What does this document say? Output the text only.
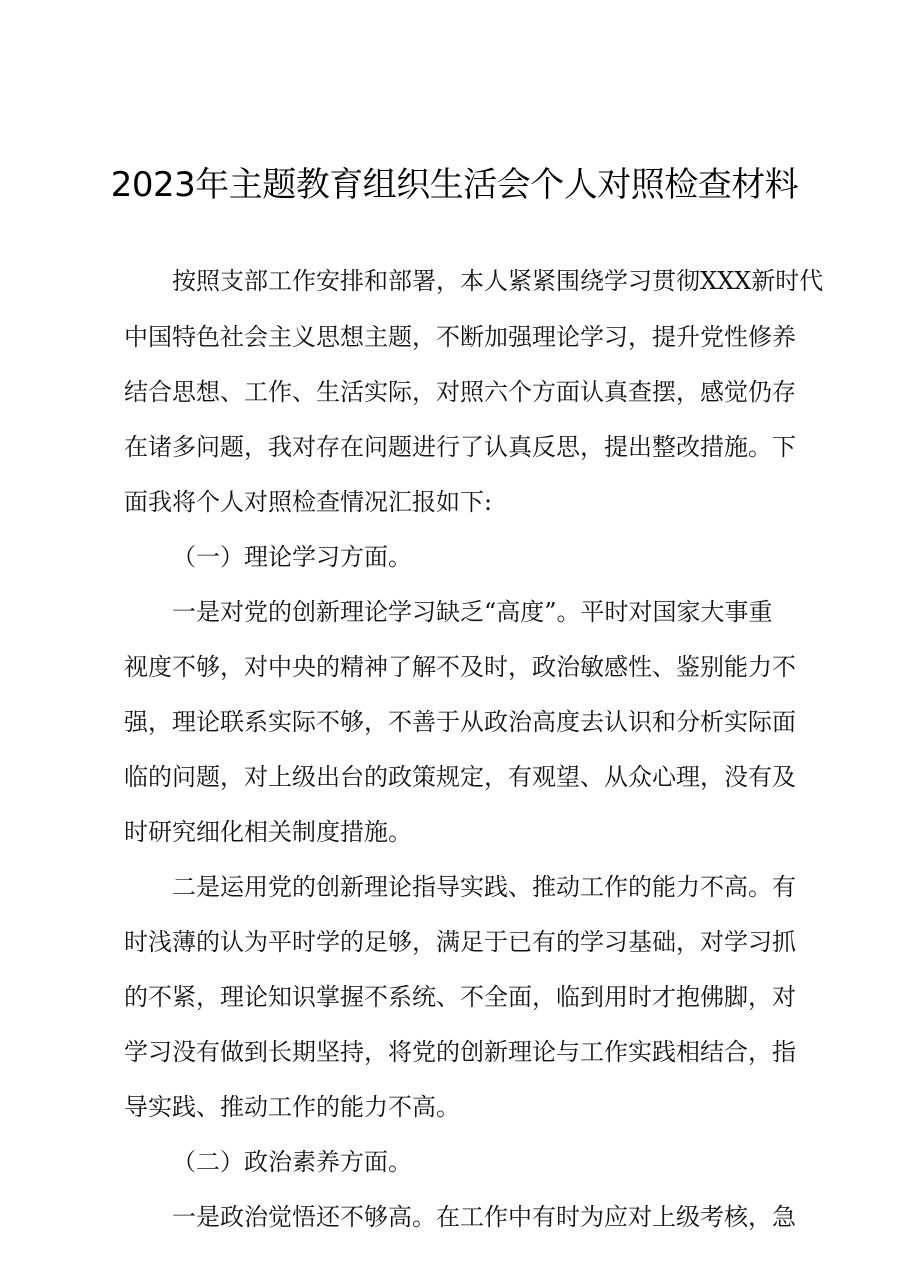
2023年主题教育组织生活会个人对照检查材料
按照支部工作安排和部署，本人紧紧围绕学习贯彻XXX新时代
中国特色社会主义思想主题，不断加强理论学习，提升党性修养
结合思想、工作、生活实际，对照六个方面认真查摆，感觉仍存
在诸多问题，我对存在问题进行了认真反思，提出整改措施。下
面我将个人对照检查情况汇报如下:
（一）理论学习方面。
一是对党的创新理论学习缺乏“高度”。平时对国家大事重
视度不够，对中央的精神了解不及时，政治敏感性、鉴别能力不
强，理论联系实际不够，不善于从政治高度去认识和分析实际面
临的问题，对上级出台的政策规定，有观望、从众心理，没有及
时研究细化相关制度措施。
二是运用党的创新理论指导实践、推动工作的能力不高。有
时浅薄的认为平时学的足够，满足于已有的学习基础，对学习抓
的不紧，理论知识掌握不系统、不全面，临到用时才抱佛脚，对
学习没有做到长期坚持，将党的创新理论与工作实践相结合，指
导实践、推动工作的能力不高。
（二）政治素养方面。
一是政治觉悟还不够高。在工作中有时为应对上级考核，急
